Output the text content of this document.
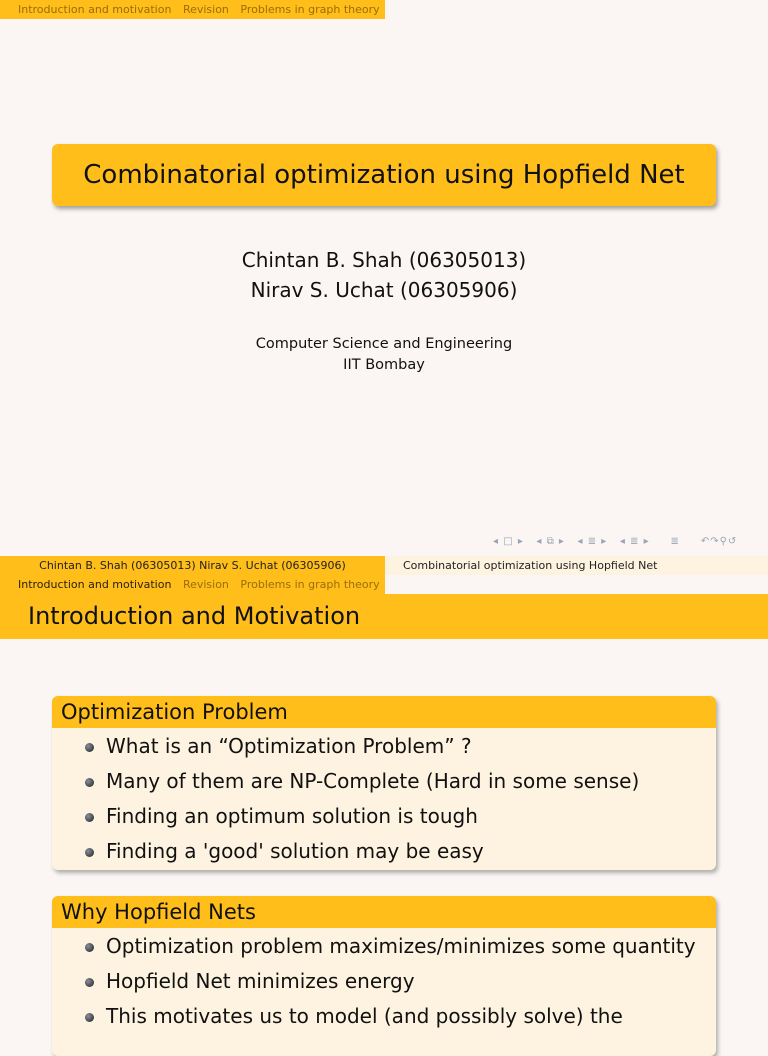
Introduction and motivation Revision Problems in graph theory
Combinatorial optimization using Hopfield Net
Chintan B. Shah (06305013)
Nirav S. Uchat (06305906)
Computer Science and Engineering
IIT Bombay
◂ □ ▸ ◂ ⧉ ▸ ◂ ≣ ▸ ◂ ≣ ▸ ≣ ↶↷⚲↺
Chintan B. Shah (06305013) Nirav S. Uchat (06305906)	Combinatorial optimization using Hopfield Net
Introduction and motivation Revision Problems in graph theory
Introduction and Motivation
Optimization Problem
What is an “Optimization Problem” ?
Many of them are NP-Complete (Hard in some sense)
Finding an optimum solution is tough
Finding a 'good' solution may be easy
Why Hopfield Nets
Optimization problem maximizes/minimizes some quantity
Hopfield Net minimizes energy
This motivates us to model (and possibly solve) the
